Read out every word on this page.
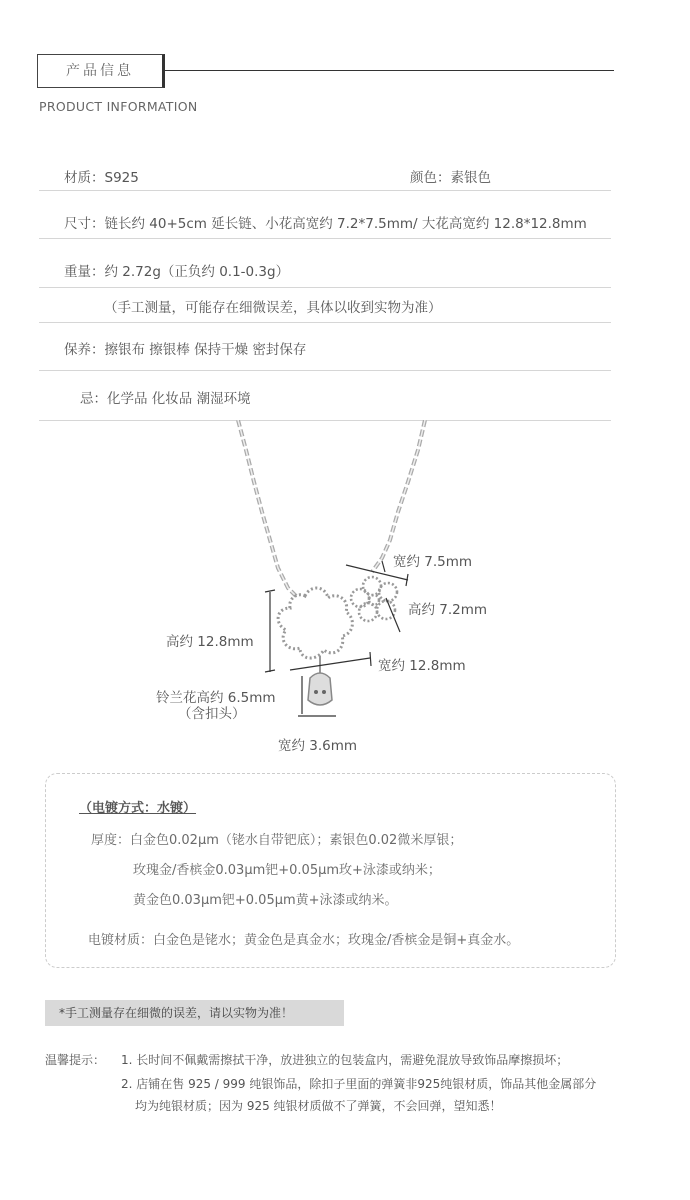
产品信息
PRODUCT INFORMATION
材质：S925	颜色：素银色
尺寸：链长约 40+5cm 延长链、小花高宽约 7.2*7.5mm/ 大花高宽约 12.8*12.8mm
重量：约 2.72g（正负约 0.1-0.3g）
（手工测量，可能存在细微误差，具体以收到实物为准）
保养：擦银布 擦银棒 保持干燥 密封保存
忌：化学品 化妆品 潮湿环境
宽约 7.5mm
高约 7.2mm
高约 12.8mm
宽约 12.8mm
铃兰花高约 6.5mm
（含扣头）
宽约 3.6mm
（电镀方式：水镀）
厚度：白金色0.02μm（铑水自带钯底）；素银色0.02微米厚银；
玫瑰金/香槟金0.03μm钯+0.05μm玫+泳漆或纳米；
黄金色0.03μm钯+0.05μm黄+泳漆或纳米。
电镀材质：白金色是铑水；黄金色是真金水；玫瑰金/香槟金是铜+真金水。
*手工测量存在细微的误差，请以实物为准！
温馨提示： 1. 长时间不佩戴需擦拭干净，放进独立的包装盒内，需避免混放导致饰品摩擦损坏；
2. 店铺在售 925 / 999 纯银饰品，除扣子里面的弹簧非925纯银材质，饰品其他金属部分
均为纯银材质；因为 925 纯银材质做不了弹簧，不会回弹，望知悉！
